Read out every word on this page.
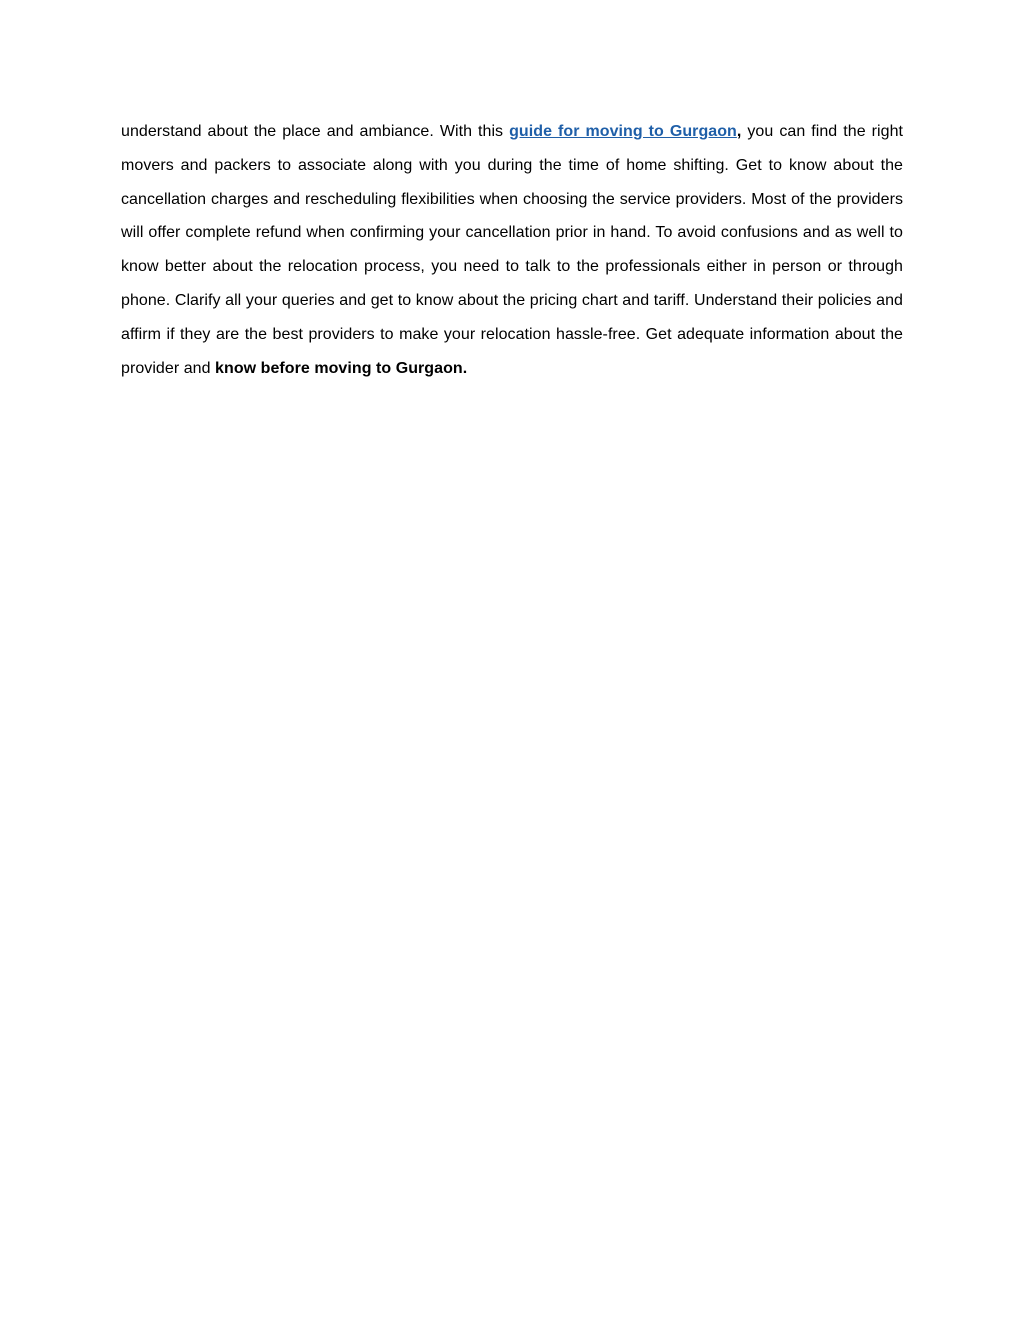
understand about the place and ambiance. With this guide for moving to Gurgaon, you can find the right movers and packers to associate along with you during the time of home shifting. Get to know about the cancellation charges and rescheduling flexibilities when choosing the service providers. Most of the providers will offer complete refund when confirming your cancellation prior in hand. To avoid confusions and as well to know better about the relocation process, you need to talk to the professionals either in person or through phone. Clarify all your queries and get to know about the pricing chart and tariff. Understand their policies and affirm if they are the best providers to make your relocation hassle-free. Get adequate information about the provider and know before moving to Gurgaon.
